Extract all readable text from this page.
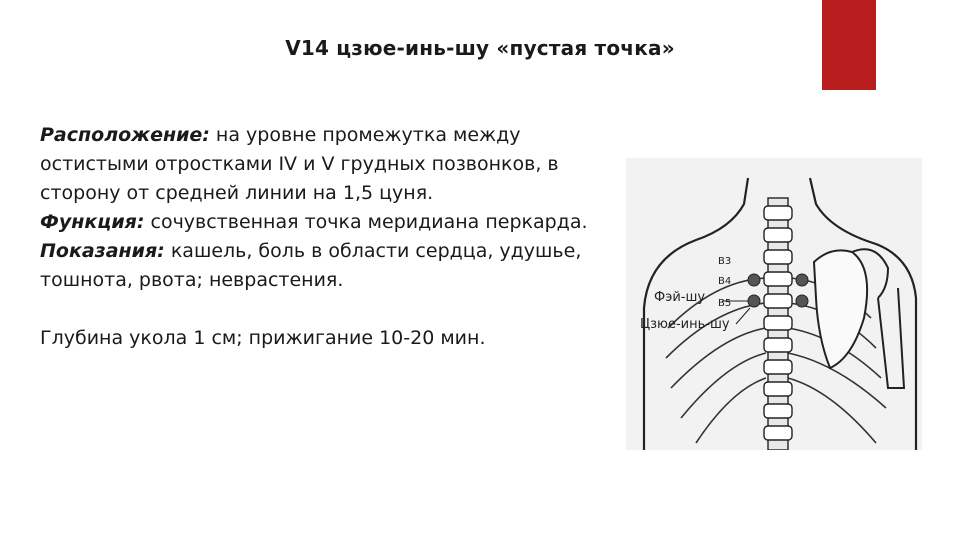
V14 цзюе-инь-шу «пустая точка»

Расположение: на уровне промежутка между остистыми отростками IV и V грудных позвонков, в сторону от средней линии на 1,5 цуня.

Функция: сочувственная точка меридиана перкарда.

Показания: кашель, боль в области сердца, удушье, тошнота, рвота; неврастения.

Глубина укола 1 см; прижигание 10-20 мин.

B3
B4
B5
Фэй-шу
Цзюе-инь-шу
